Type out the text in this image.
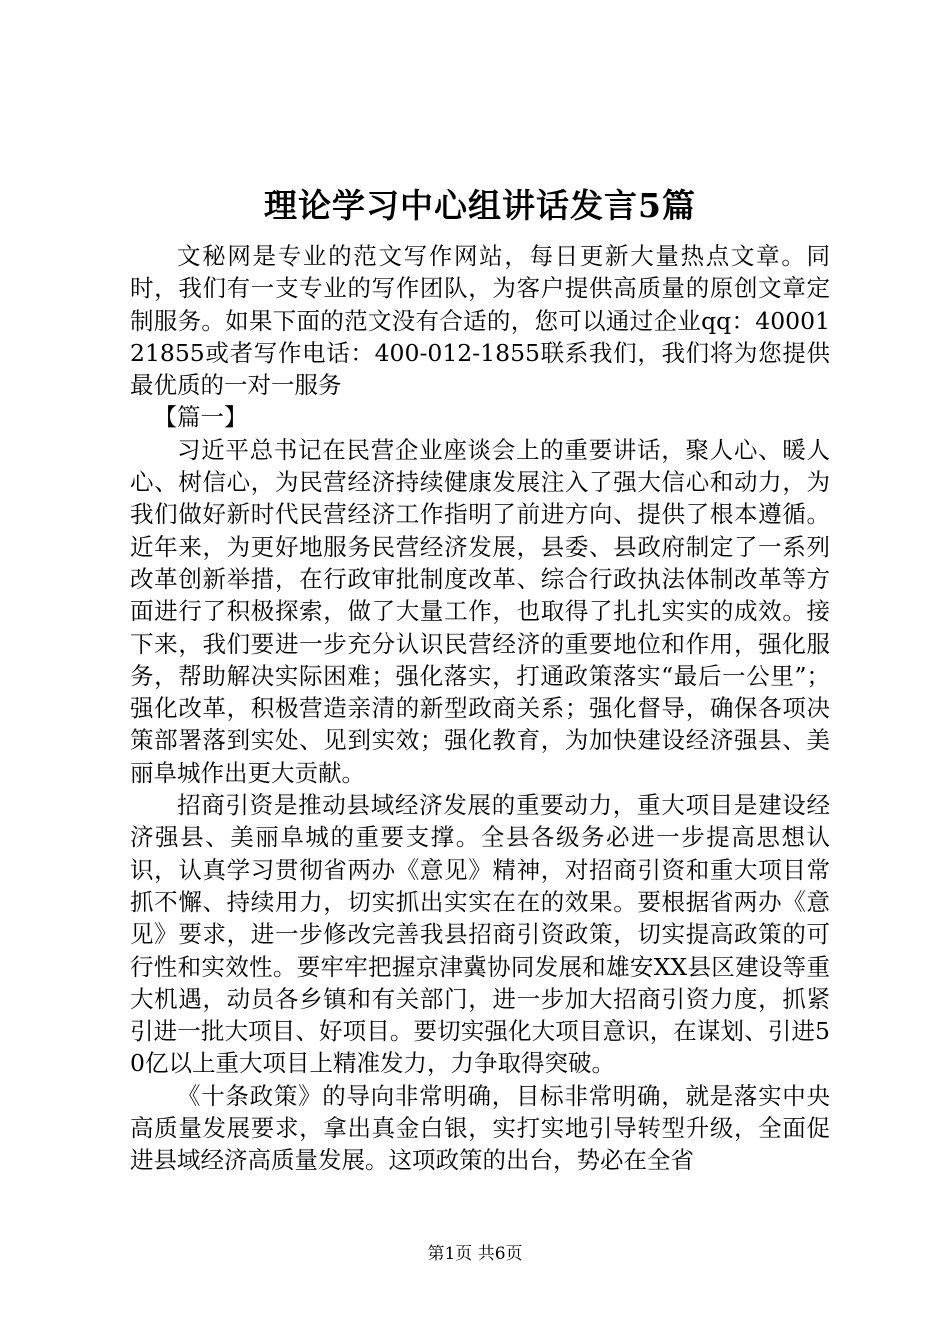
理论学习中心组讲话发言5篇

文秘网是专业的范文写作网站，每日更新大量热点文章。同时，我们有一支专业的写作团队，为客户提供高质量的原创文章定制服务。如果下面的范文没有合适的，您可以通过企业qq：4000121855或者写作电话：400-012-1855联系我们，我们将为您提供最优质的一对一服务

【篇一】

习近平总书记在民营企业座谈会上的重要讲话，聚人心、暖人心、树信心，为民营经济持续健康发展注入了强大信心和动力，为我们做好新时代民营经济工作指明了前进方向、提供了根本遵循。近年来，为更好地服务民营经济发展，县委、县政府制定了一系列改革创新举措，在行政审批制度改革、综合行政执法体制改革等方面进行了积极探索，做了大量工作，也取得了扎扎实实的成效。接下来，我们要进一步充分认识民营经济的重要地位和作用，强化服务，帮助解决实际困难；强化落实，打通政策落实“最后一公里”；强化改革，积极营造亲清的新型政商关系；强化督导，确保各项决策部署落到实处、见到实效；强化教育，为加快建设经济强县、美丽阜城作出更大贡献。

招商引资是推动县域经济发展的重要动力，重大项目是建设经济强县、美丽阜城的重要支撑。全县各级务必进一步提高思想认识，认真学习贯彻省两办《意见》精神，对招商引资和重大项目常抓不懈、持续用力，切实抓出实实在在的效果。要根据省两办《意见》要求，进一步修改完善我县招商引资政策，切实提高政策的可行性和实效性。要牢牢把握京津冀协同发展和雄安XX县区建设等重大机遇，动员各乡镇和有关部门，进一步加大招商引资力度，抓紧引进一批大项目、好项目。要切实强化大项目意识，在谋划、引进50亿以上重大项目上精准发力，力争取得突破。

《十条政策》的导向非常明确，目标非常明确，就是落实中央高质量发展要求，拿出真金白银，实打实地引导转型升级，全面促进县域经济高质量发展。这项政策的出台，势必在全省

第1页 共6页
